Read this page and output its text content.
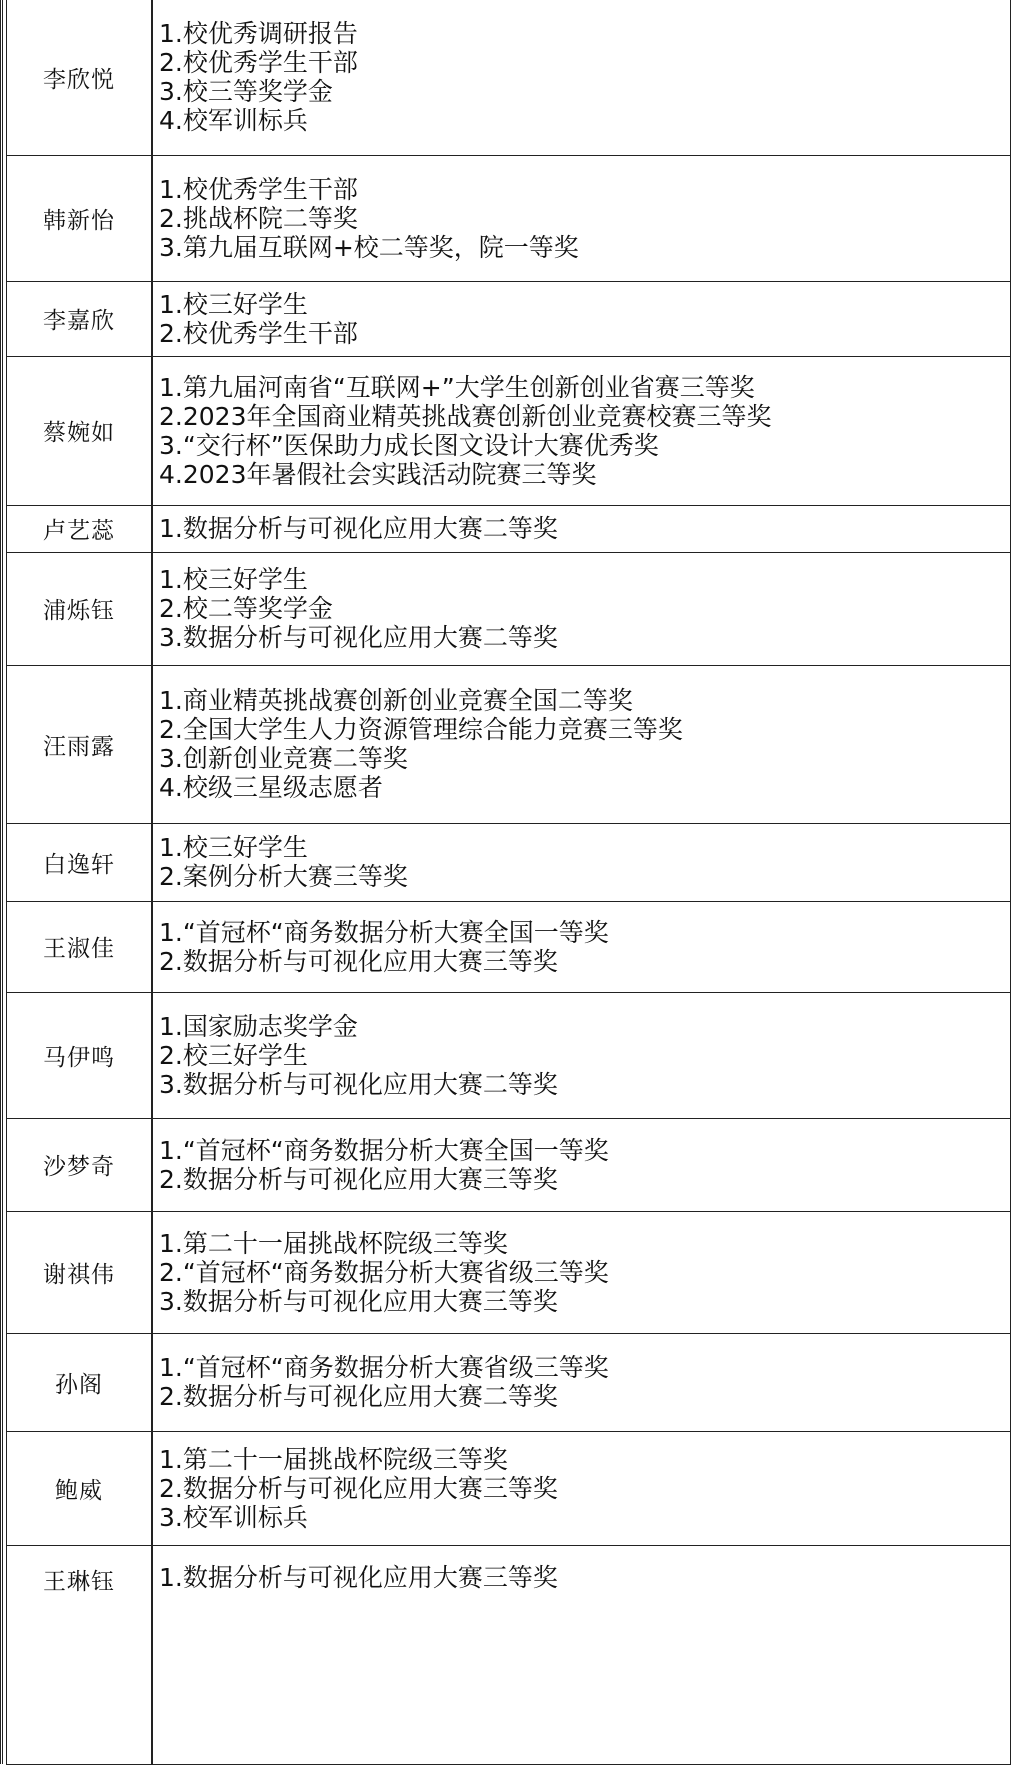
李欣悦	1.校优秀调研报告
2.校优秀学生干部
3.校三等奖学金
4.校军训标兵

韩新怡	1.校优秀学生干部
2.挑战杯院二等奖
3.第九届互联网+校二等奖，院一等奖

李嘉欣	1.校三好学生
2.校优秀学生干部

蔡婉如	1.第九届河南省“互联网+”大学生创新创业省赛三等奖
2.2023年全国商业精英挑战赛创新创业竞赛校赛三等奖
3.“交行杯”医保助力成长图文设计大赛优秀奖
4.2023年暑假社会实践活动院赛三等奖

卢艺蕊	1.数据分析与可视化应用大赛二等奖

浦烁钰	1.校三好学生
2.校二等奖学金
3.数据分析与可视化应用大赛二等奖

汪雨露	1.商业精英挑战赛创新创业竞赛全国二等奖
2.全国大学生人力资源管理综合能力竞赛三等奖
3.创新创业竞赛二等奖
4.校级三星级志愿者

白逸轩	1.校三好学生
2.案例分析大赛三等奖

王淑佳	1.“首冠杯“商务数据分析大赛全国一等奖
2.数据分析与可视化应用大赛三等奖

马伊鸣	1.国家励志奖学金
2.校三好学生
3.数据分析与可视化应用大赛二等奖

沙梦奇	1.“首冠杯“商务数据分析大赛全国一等奖
2.数据分析与可视化应用大赛三等奖

谢祺伟	1.第二十一届挑战杯院级三等奖
2.“首冠杯“商务数据分析大赛省级三等奖
3.数据分析与可视化应用大赛三等奖

孙阁	1.“首冠杯“商务数据分析大赛省级三等奖
2.数据分析与可视化应用大赛二等奖

鲍威	1.第二十一届挑战杯院级三等奖
2.数据分析与可视化应用大赛三等奖
3.校军训标兵

王琳钰	1.数据分析与可视化应用大赛三等奖
